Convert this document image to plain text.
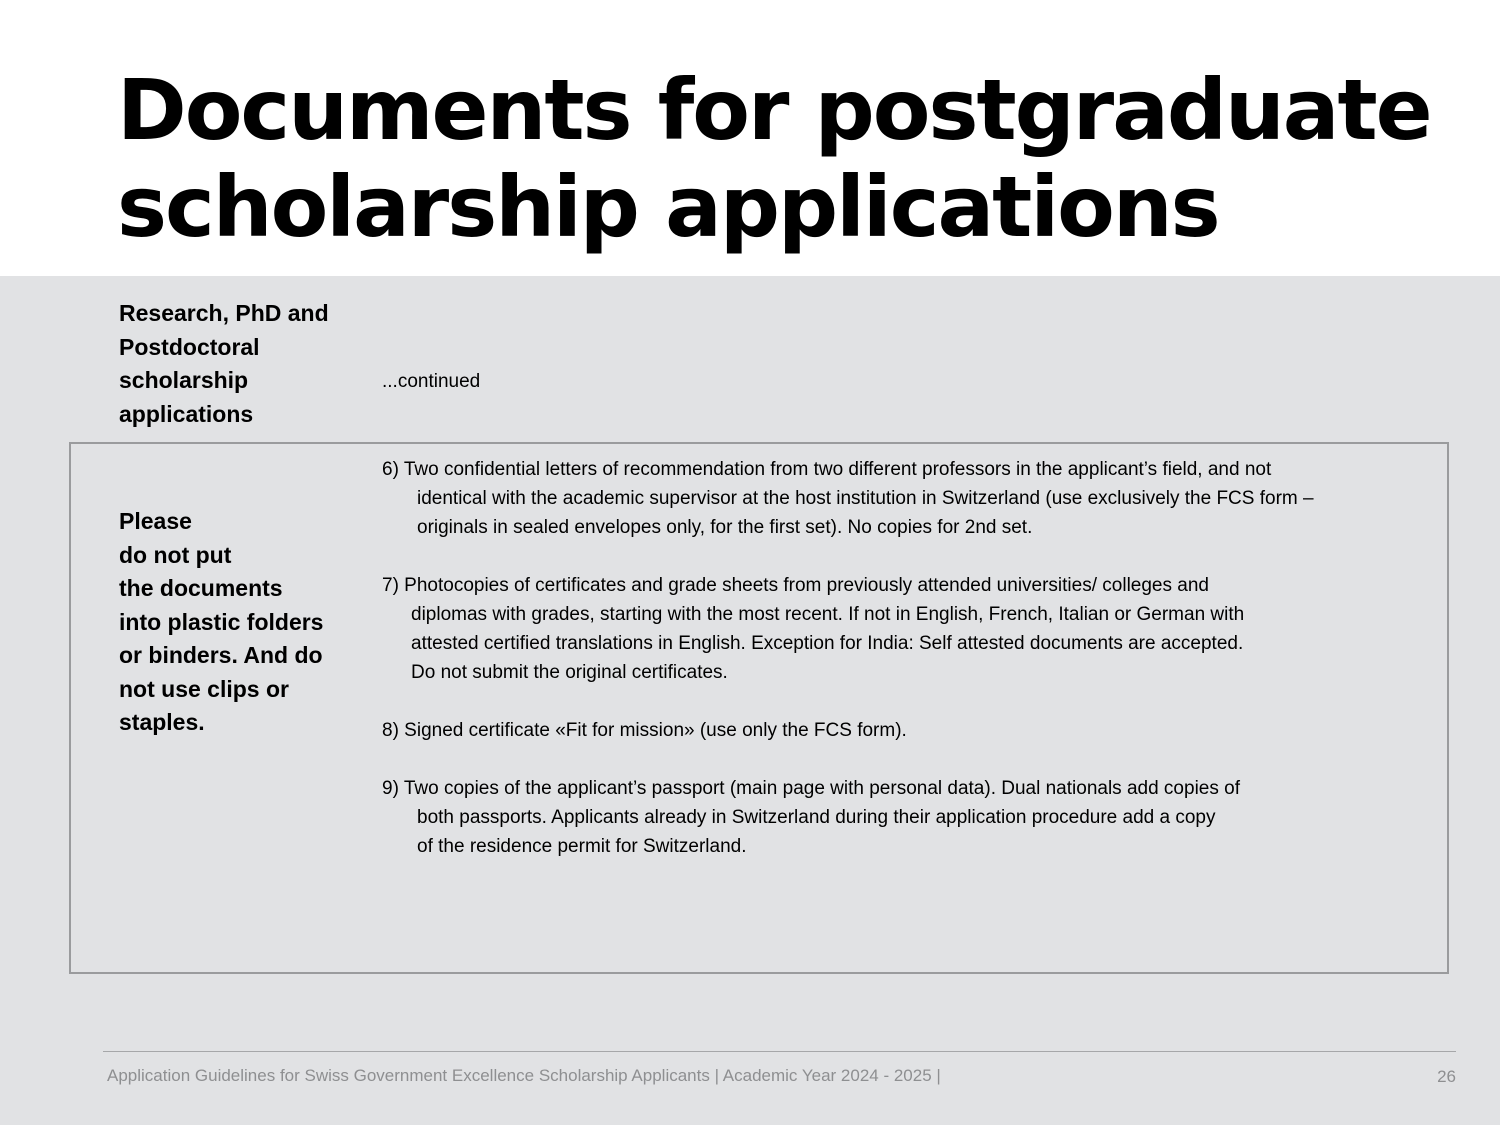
Documents for postgraduate
scholarship applications
Research, PhD and
Postdoctoral
scholarship
applications
...continued
Please
do not put
the documents
into plastic folders
or binders. And do
not use clips or
staples.
6) Two confidential letters of recommendation from two different professors in the applicant’s field, and not
identical with the academic supervisor at the host institution in Switzerland (use exclusively the FCS form –
originals in sealed envelopes only, for the first set). No copies for 2nd set.
7) Photocopies of certificates and grade sheets from previously attended universities/ colleges and
diplomas with grades, starting with the most recent. If not in English, French, Italian or German with
attested certified translations in English. Exception for India: Self attested documents are accepted.
Do not submit the original certificates.
8) Signed certificate «Fit for mission» (use only the FCS form).
9) Two copies of the applicant’s passport (main page with personal data). Dual nationals add copies of
both passports. Applicants already in Switzerland during their application procedure add a copy
of the residence permit for Switzerland.
Application Guidelines for Swiss Government Excellence Scholarship Applicants | Academic Year 2024 - 2025 |	26
